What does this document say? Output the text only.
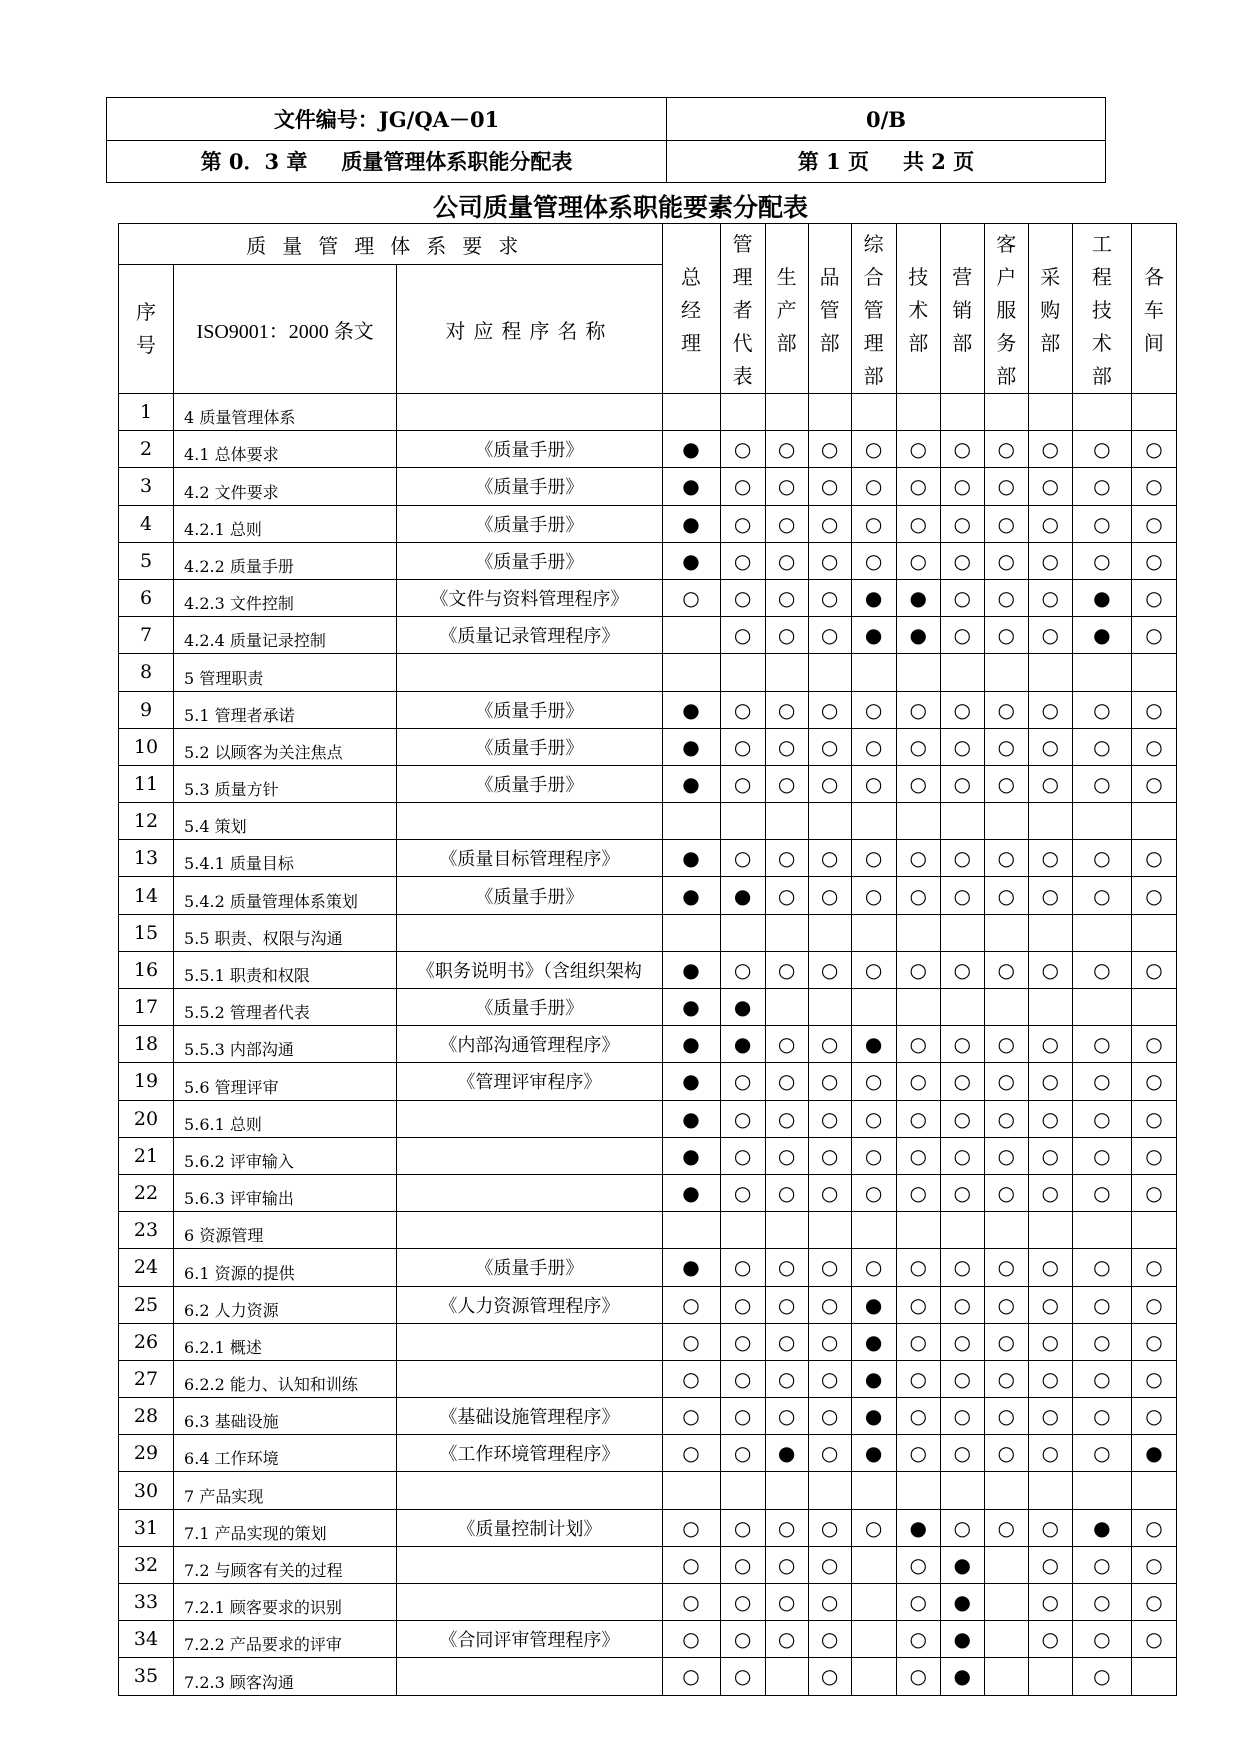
文件编号：JG/QA－01	0/B
第 0．3 章 质量管理体系职能分配表	第 1 页 共 2 页
公司质量管理体系职能要素分配表
质量管理体系要求			总经理	管理者代表	生产部	品管部	综合管理部	技术部	营销部	客户服务部	采购部	工程技术部	各车间

序号	ISO9001：2000 条文	对应程序名称											
1	4 质量管理体系												
2	4.1 总体要求	《质量手册》	●	○	○	○	○	○	○	○	○	○	○
3	4.2 文件要求	《质量手册》	●	○	○	○	○	○	○	○	○	○	○
4	4.2.1 总则	《质量手册》	●	○	○	○	○	○	○	○	○	○	○
5	4.2.2 质量手册	《质量手册》	●	○	○	○	○	○	○	○	○	○	○
6	4.2.3 文件控制	《文件与资料管理程序》	○	○	○	○	●	●	○	○	○	●	○
7	4.2.4 质量记录控制	《质量记录管理程序》		○	○	○	●	●	○	○	○	●	○
8	5 管理职责												
9	5.1 管理者承诺	《质量手册》	●	○	○	○	○	○	○	○	○	○	○
10	5.2 以顾客为关注焦点	《质量手册》	●	○	○	○	○	○	○	○	○	○	○
11	5.3 质量方针	《质量手册》	●	○	○	○	○	○	○	○	○	○	○
12	5.4 策划												
13	5.4.1 质量目标	《质量目标管理程序》	●	○	○	○	○	○	○	○	○	○	○
14	5.4.2 质量管理体系策划	《质量手册》	●	●	○	○	○	○	○	○	○	○	○
15	5.5 职责、权限与沟通												
16	5.5.1 职责和权限	《职务说明书》（含组织架构	●	○	○	○	○	○	○	○	○	○	○
17	5.5.2 管理者代表	《质量手册》	●	●									
18	5.5.3 内部沟通	《内部沟通管理程序》	●	●	○	○	●	○	○	○	○	○	○
19	5.6 管理评审	《管理评审程序》	●	○	○	○	○	○	○	○	○	○	○
20	5.6.1 总则		●	○	○	○	○	○	○	○	○	○	○
21	5.6.2 评审输入		●	○	○	○	○	○	○	○	○	○	○
22	5.6.3 评审输出		●	○	○	○	○	○	○	○	○	○	○
23	6 资源管理												
24	6.1 资源的提供	《质量手册》	●	○	○	○	○	○	○	○	○	○	○
25	6.2 人力资源	《人力资源管理程序》	○	○	○	○	●	○	○	○	○	○	○
26	6.2.1 概述		○	○	○	○	●	○	○	○	○	○	○
27	6.2.2 能力、认知和训练		○	○	○	○	●	○	○	○	○	○	○
28	6.3 基础设施	《基础设施管理程序》	○	○	○	○	●	○	○	○	○	○	○
29	6.4 工作环境	《工作环境管理程序》	○	○	●	○	●	○	○	○	○	○	●
30	7 产品实现												
31	7.1 产品实现的策划	《质量控制计划》	○	○	○	○	○	●	○	○	○	●	○
32	7.2 与顾客有关的过程		○	○	○	○		○	●		○	○	○
33	7.2.1 顾客要求的识别		○	○	○	○		○	●		○	○	○
34	7.2.2 产品要求的评审	《合同评审管理程序》	○	○	○	○		○	●		○	○	○
35	7.2.3 顾客沟通		○	○		○		○	●			○	
